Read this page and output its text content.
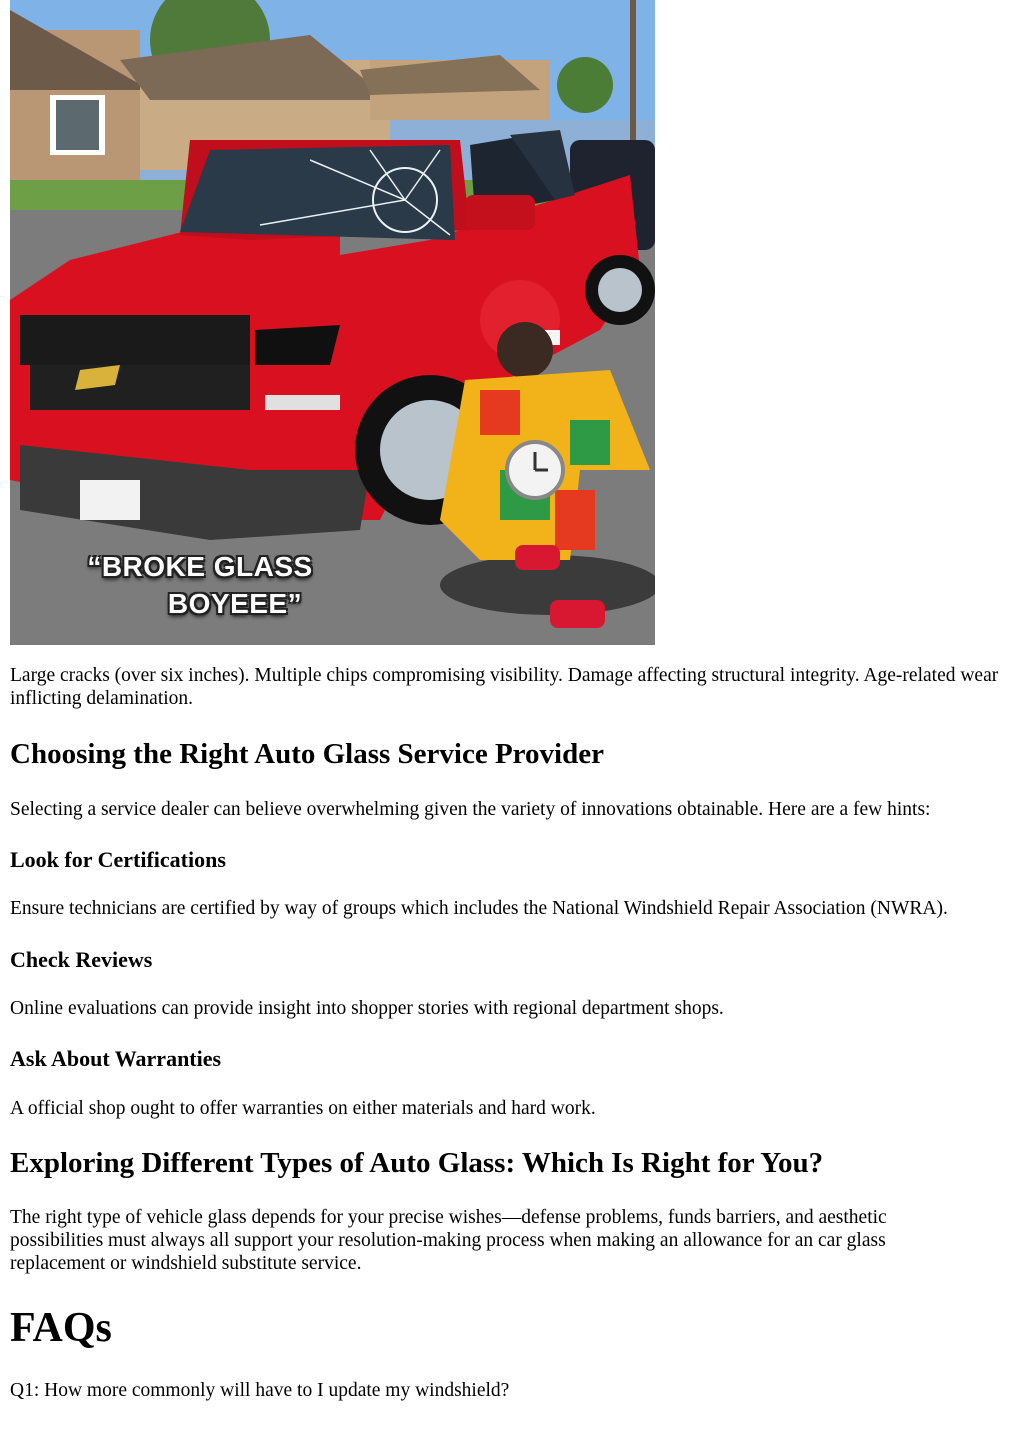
“BROKE GLASS
BOYEEE”

Large cracks (over six inches). Multiple chips compromising visibility. Damage affecting structural integrity. Age-related wear inflicting delamination.

Choosing the Right Auto Glass Service Provider

Selecting a service dealer can believe overwhelming given the variety of innovations obtainable. Here are a few hints:

Look for Certifications

Ensure technicians are certified by way of groups which includes the National Windshield Repair Association (NWRA).

Check Reviews

Online evaluations can provide insight into shopper stories with regional department shops.

Ask About Warranties

A official shop ought to offer warranties on either materials and hard work.

Exploring Different Types of Auto Glass: Which Is Right for You?

The right type of vehicle glass depends for your precise wishes—defense problems, funds barriers, and aesthetic possibilities must always all support your resolution-making process when making an allowance for an car glass replacement or windshield substitute service.

FAQs

Q1: How more commonly will have to I update my windshield?
